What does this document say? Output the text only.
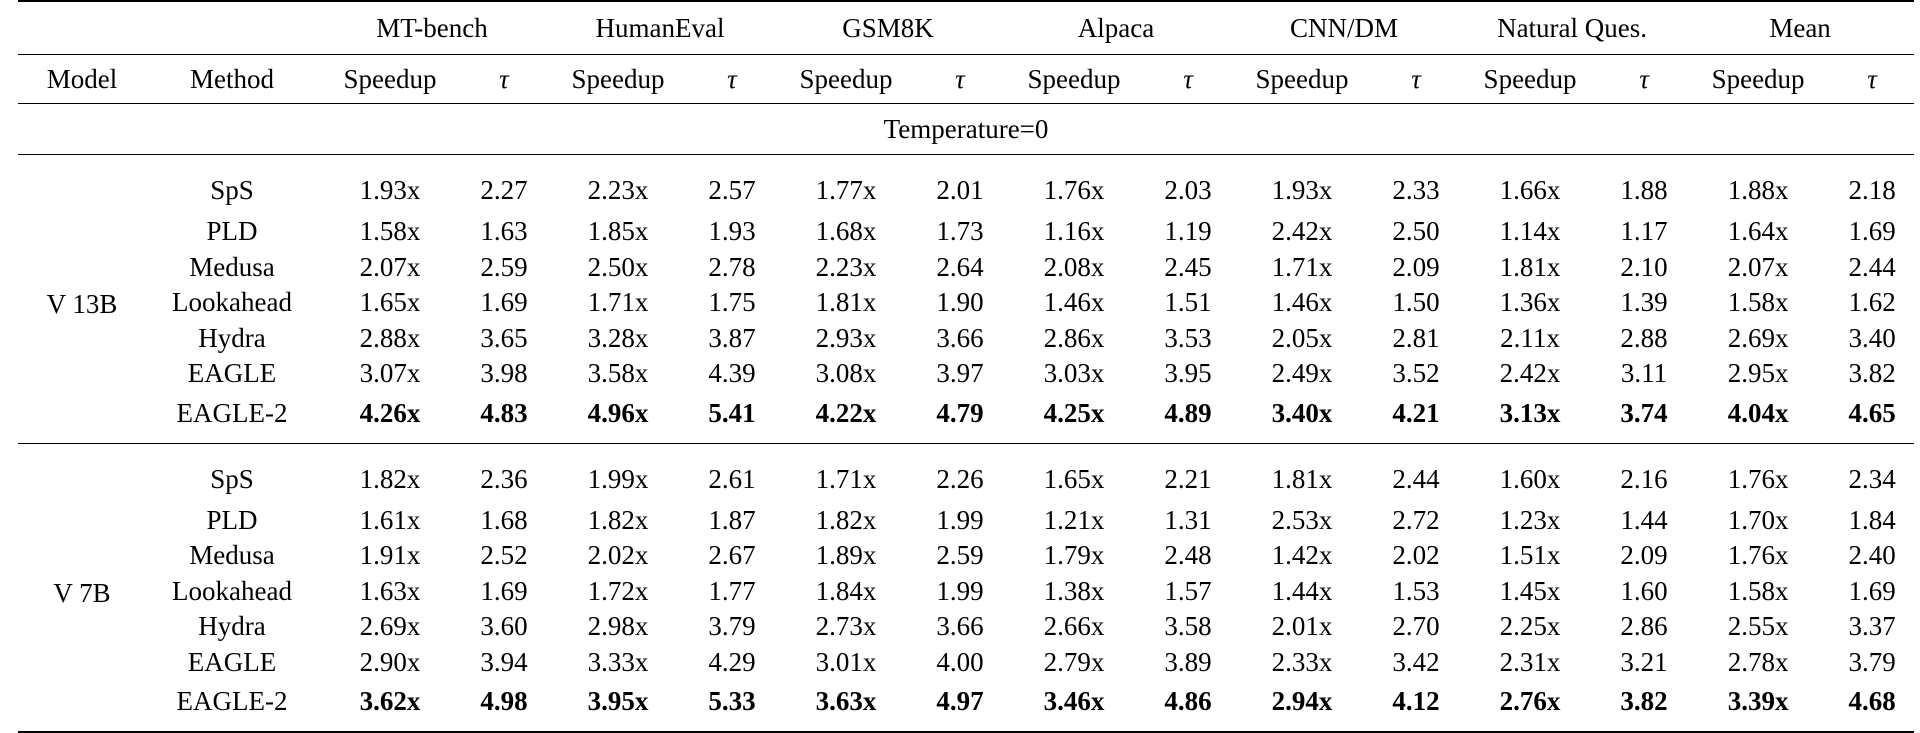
		MT-bench		HumanEval		GSM8K		Alpaca		CNN/DM		Natural Ques.		Mean	
Model	Method	Speedup	τ	Speedup	τ	Speedup	τ	Speedup	τ	Speedup	τ	Speedup	τ	Speedup	τ
Temperature=0															
V 13B	SpS	1.93x	2.27	2.23x	2.57	1.77x	2.01	1.76x	2.03	1.93x	2.33	1.66x	1.88	1.88x	2.18
	PLD	1.58x	1.63	1.85x	1.93	1.68x	1.73	1.16x	1.19	2.42x	2.50	1.14x	1.17	1.64x	1.69
	Medusa	2.07x	2.59	2.50x	2.78	2.23x	2.64	2.08x	2.45	1.71x	2.09	1.81x	2.10	2.07x	2.44
	Lookahead	1.65x	1.69	1.71x	1.75	1.81x	1.90	1.46x	1.51	1.46x	1.50	1.36x	1.39	1.58x	1.62
	Hydra	2.88x	3.65	3.28x	3.87	2.93x	3.66	2.86x	3.53	2.05x	2.81	2.11x	2.88	2.69x	3.40
	EAGLE	3.07x	3.98	3.58x	4.39	3.08x	3.97	3.03x	3.95	2.49x	3.52	2.42x	3.11	2.95x	3.82
	EAGLE-2	4.26x	4.83	4.96x	5.41	4.22x	4.79	4.25x	4.89	3.40x	4.21	3.13x	3.74	4.04x	4.65
V 7B	SpS	1.82x	2.36	1.99x	2.61	1.71x	2.26	1.65x	2.21	1.81x	2.44	1.60x	2.16	1.76x	2.34
	PLD	1.61x	1.68	1.82x	1.87	1.82x	1.99	1.21x	1.31	2.53x	2.72	1.23x	1.44	1.70x	1.84
	Medusa	1.91x	2.52	2.02x	2.67	1.89x	2.59	1.79x	2.48	1.42x	2.02	1.51x	2.09	1.76x	2.40
	Lookahead	1.63x	1.69	1.72x	1.77	1.84x	1.99	1.38x	1.57	1.44x	1.53	1.45x	1.60	1.58x	1.69
	Hydra	2.69x	3.60	2.98x	3.79	2.73x	3.66	2.66x	3.58	2.01x	2.70	2.25x	2.86	2.55x	3.37
	EAGLE	2.90x	3.94	3.33x	4.29	3.01x	4.00	2.79x	3.89	2.33x	3.42	2.31x	3.21	2.78x	3.79
	EAGLE-2	3.62x	4.98	3.95x	5.33	3.63x	4.97	3.46x	4.86	2.94x	4.12	2.76x	3.82	3.39x	4.68
